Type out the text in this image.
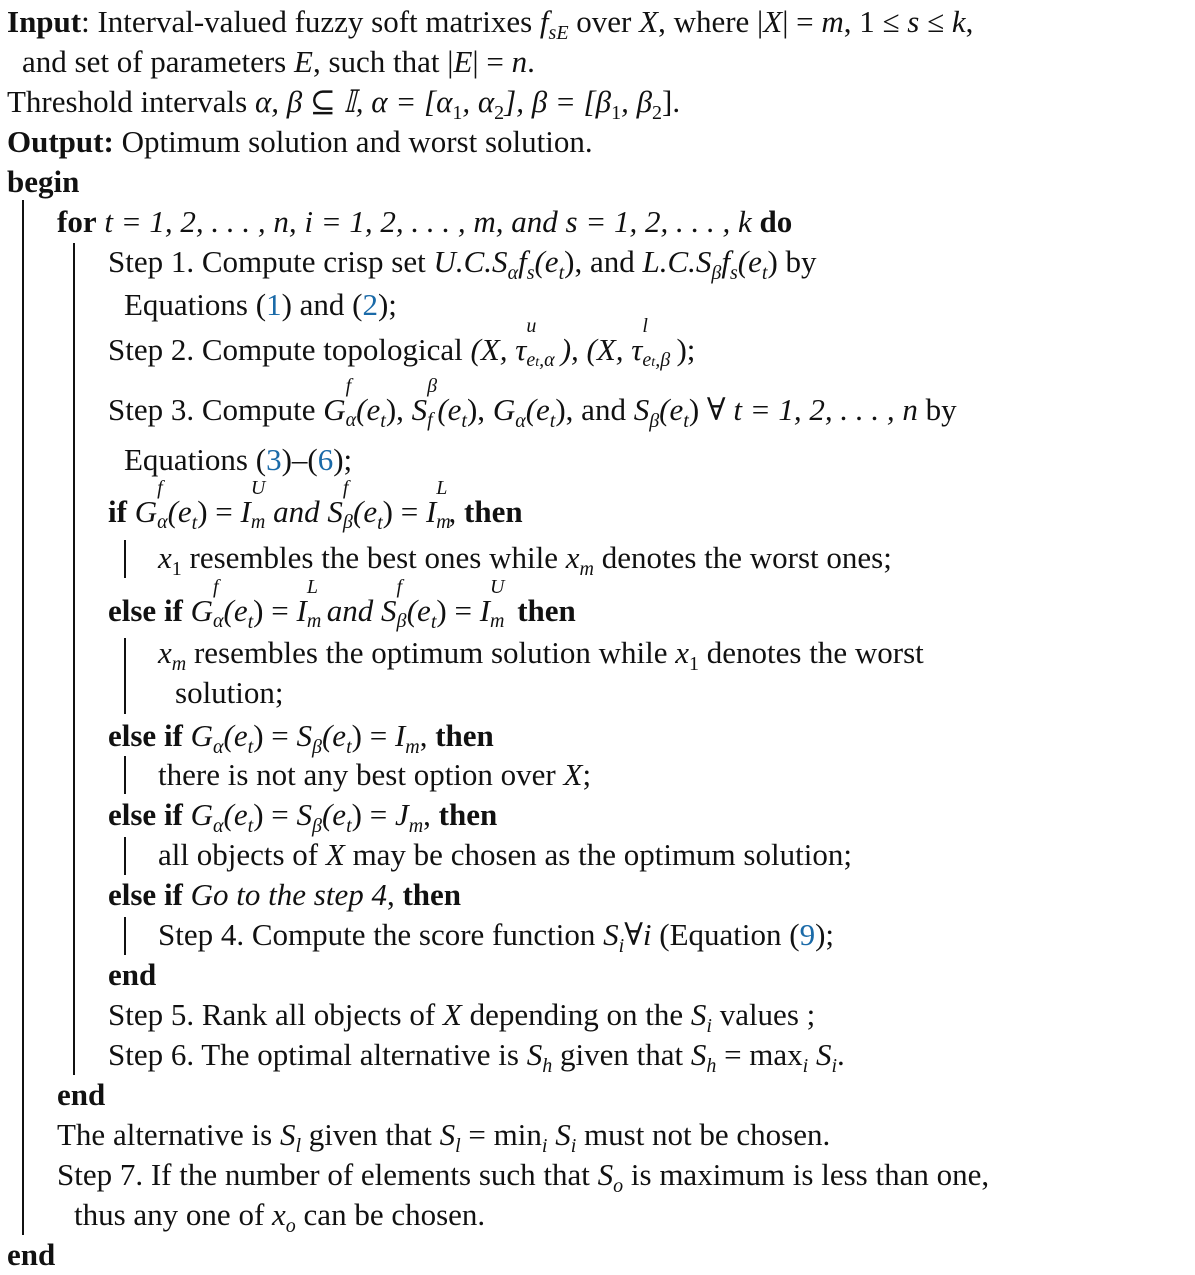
Input: Interval-valued fuzzy soft matrixes $f_{sE}$ over X, where |X| = m, 1 ≤ s ≤ k,
and set of parameters E, such that |E| = n.
Threshold intervals α, β ⊆ 𝕀, $\alpha = [\alpha_1$, $\alpha_2$], $\beta = [\beta_1$, $\beta_2$].
Output: Optimum solution and worst solution.
begin
for t = 1, 2, . . . , n, i = 1, 2, . . . , m, and s = 1, 2, . . . , k do
Step 1. Compute crisp set $U.C.S_\alpha f_s(e_t)$, and $L.C.S_\beta f_s(e_t)$ by
Equations (1) and (2);
Step 2. Compute topological (X, τ
u
et,α ), (X, τ
l
et,β );
Step 3. Compute G
f
α $(e_t)$, S
β
f $(e_t)$, $G_\alpha(e_t)$, and $S_\beta(e_t)$ ∀ t = 1, 2, . . . , n by
Equations (3)–(6);
if G
f
α $(e_t) = I$
U
m and S
f
β $(e_t) = I$
L
m
, then
$x_1$ resembles the best ones while $x_m$ denotes the worst ones;
else if G
f
α $(e_t) = I$
L
m
and S
f
β $(e_t) = I$
U
m then
$x_m$ resembles the optimum solution while $x_1$ denotes the worst
solution;
else if $G_\alpha(e_t) = S_\beta(e_t) = I_m$, then
there is not any best option over X;
else if $G_\alpha(e_t) = S_\beta(e_t) = J_m$, then
all objects of X may be chosen as the optimum solution;
else if Go to the step 4, then
Step 4. Compute the score function $S_i\forall i$ (Equation (9);
end
Step 5. Rank all objects of X depending on the $S_i$ values ;
Step 6. The optimal alternative is $S_h$ given that $S_h = \max_i S_i$.
end
The alternative is $S_l$ given that $S_l = \min_i S_i$ must not be chosen.
Step 7. If the number of elements such that $S_o$ is maximum is less than one,
thus any one of $x_o$ can be chosen.
end
